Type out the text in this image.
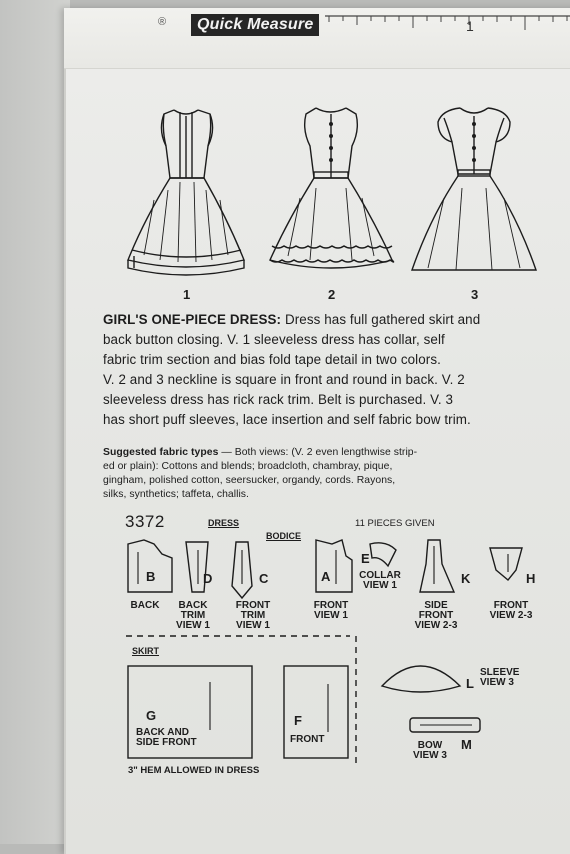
®	Quick Measure	1
1	2	3
GIRL'S ONE-PIECE DRESS: Dress has full gathered skirt and
back button closing. V. 1 sleeveless dress has collar, self
fabric trim section and bias fold tape detail in two colors.
V. 2 and 3 neckline is square in front and round in back. V. 2
sleeveless dress has rick rack trim. Belt is purchased. V. 3
has short puff sleeves, lace insertion and self fabric bow trim.
Suggested fabric types — Both views: (V. 2 even lengthwise strip-
ed or plain): Cottons and blends; broadcloth, chambray, pique,
gingham, polished cotton, seersucker, organdy, cords. Rayons,
silks, synthetics; taffeta, challis.
3372	DRESS
BODICE
11 PIECES GIVEN
B
BACK
D
BACK TRIM VIEW 1
C
FRONT TRIM VIEW 1
A
FRONT VIEW 1
E
COLLAR VIEW 1	K
SIDE FRONT VIEW 2-3
H
FRONT VIEW 2-3
SKIRT
G
BACK AND SIDE FRONT
F
FRONT
3" HEM ALLOWED IN DRESS
L
SLEEVE VIEW 3
M
BOW VIEW 3
